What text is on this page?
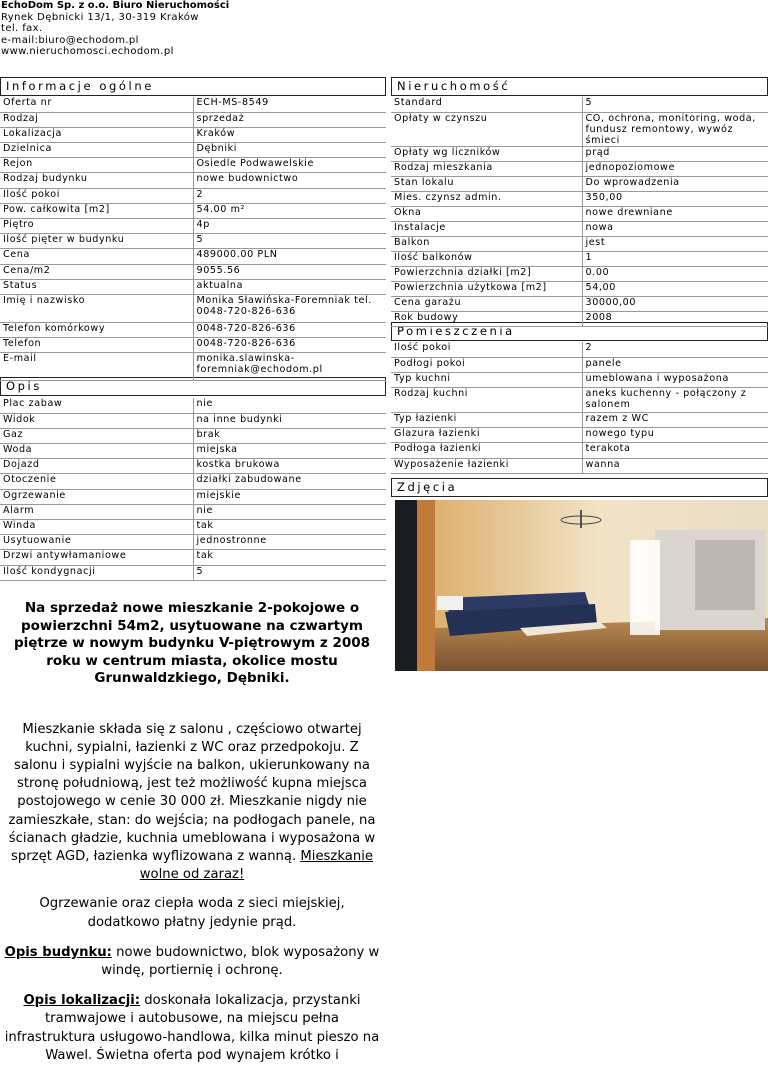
EchoDom Sp. z o.o. Biuro Nieruchomości
Rynek Dębnicki 13/1, 30-319 Kraków
tel. fax.
e-mail:biuro@echodom.pl
www.nieruchomosci.echodom.pl
Informacje ogólne	Nieruchomość
Opis
Pomieszczenia
Zdjęcia
Oferta nr	ECH-MS-8549
Rodzaj	sprzedaż
Lokalizacja	Kraków
Dzielnica	Dębniki
Rejon	Osiedle Podwawelskie
Rodzaj budynku	nowe budownictwo
Ilość pokoi	2
Pow. całkowita [m2]	54.00 m²
Piętro	4p
Ilość pięter w budynku	5
Cena	489000.00 PLN
Cena/m2	9055.56
Status	aktualna
Imię i nazwisko	Monika Sławińska-Foremniak tel. 0048-720-826-636
Telefon komórkowy	0048-720-826-636
Telefon	0048-720-826-636
E-mail	monika.slawinska-foremniak@echodom.pl
Plac zabaw	nie
Widok	na inne budynki
Gaz	brak
Woda	miejska
Dojazd	kostka brukowa
Otoczenie	działki zabudowane
Ogrzewanie	miejskie
Alarm	nie
Winda	tak
Usytuowanie	jednostronne
Drzwi antywłamaniowe	tak
Ilość kondygnacji	5
Standard	5
Opłaty w czynszu	CO, ochrona, monitoring, woda, fundusz remontowy, wywóz śmieci
Opłaty wg liczników	prąd
Rodzaj mieszkania	jednopoziomowe
Stan lokalu	Do wprowadzenia
Mies. czynsz admin.	350,00
Okna	nowe drewniane
Instalacje	nowa
Balkon	jest
Ilość balkonów	1
Powierzchnia działki [m2]	0.00
Powierzchnia użytkowa [m2]	54,00
Cena garażu	30000,00
Rok budowy	2008
Ilość pokoi	2
Podłogi pokoi	panele
Typ kuchni	umeblowana i wyposażona
Rodzaj kuchni	aneks kuchenny - połączony z salonem
Typ łazienki	razem z WC
Glazura łazienki	nowego typu
Podłoga łazienki	terakota
Wyposażenie łazienki	wanna

Na sprzedaż nowe mieszkanie 2-pokojowe o powierzchni 54m2, usytuowane na czwartym piętrze w nowym budynku V-piętrowym z 2008 roku w centrum miasta, okolice mostu Grunwaldzkiego, Dębniki.

Mieszkanie składa się z salonu , częściowo otwartej kuchni, sypialni, łazienki z WC oraz przedpokoju. Z salonu i sypialni wyjście na balkon, ukierunkowany na stronę południową, jest też możliwość kupna miejsca postojowego w cenie 30 000 zł. Mieszkanie nigdy nie zamieszkałe, stan: do wejścia; na podłogach panele, na ścianach gładzie, kuchnia umeblowana i wyposażona w sprzęt AGD, łazienka wyflizowana z wanną. Mieszkanie wolne od zaraz!

Ogrzewanie oraz ciepła woda z sieci miejskiej, dodatkowo płatny jedynie prąd.

Opis budynku: nowe budownictwo, blok wyposażony w windę, portiernię i ochronę.

Opis lokalizacji: doskonała lokalizacja, przystanki tramwajowe i autobusowe, na miejscu pełna infrastruktura usługowo-handlowa, kilka minut pieszo na Wawel. Świetna oferta pod wynajem krótko i
